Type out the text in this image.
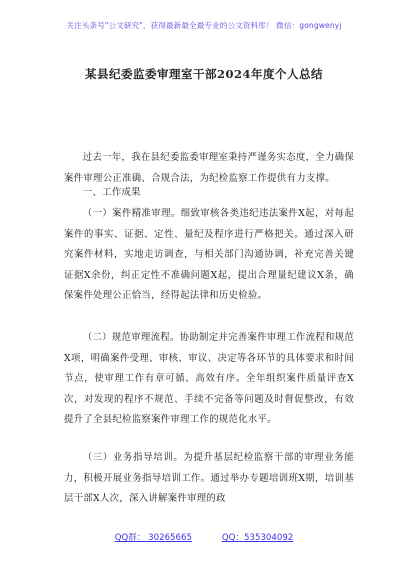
关注头条号"公文研究"，获得最新最全最专业的公文资料库！ 微信：gongwenyj
某县纪委监委审理室干部2024年度个人总结

过去一年，我在县纪委监委审理室秉持严谨务实态度，全力确保案件审理公正准确、合规合法，为纪检监察工作提供有力支撑。

一、工作成果

（一）案件精准审理。细致审核各类违纪违法案件X起，对每起案件的事实、证据、定性、量纪及程序进行严格把关。通过深入研究案件材料，实地走访调查，与相关部门沟通协调，补充完善关键证据X余份，纠正定性不准确问题X起，提出合理量纪建议X条，确保案件处理公正恰当，经得起法律和历史检验。

（二）规范审理流程。协助制定并完善案件审理工作流程和规范X项，明确案件受理、审核、审议、决定等各环节的具体要求和时间节点，使审理工作有章可循、高效有序。全年组织案件质量评查X次，对发现的程序不规范、手续不完备等问题及时督促整改，有效提升了全县纪检监察案件审理工作的规范化水平。

（三）业务指导培训。为提升基层纪检监察干部的审理业务能力，积极开展业务指导培训工作。通过举办专题培训班X期，培训基层干部X人次，深入讲解案件审理的政

QQ群： 30265665	QQ：535304092
